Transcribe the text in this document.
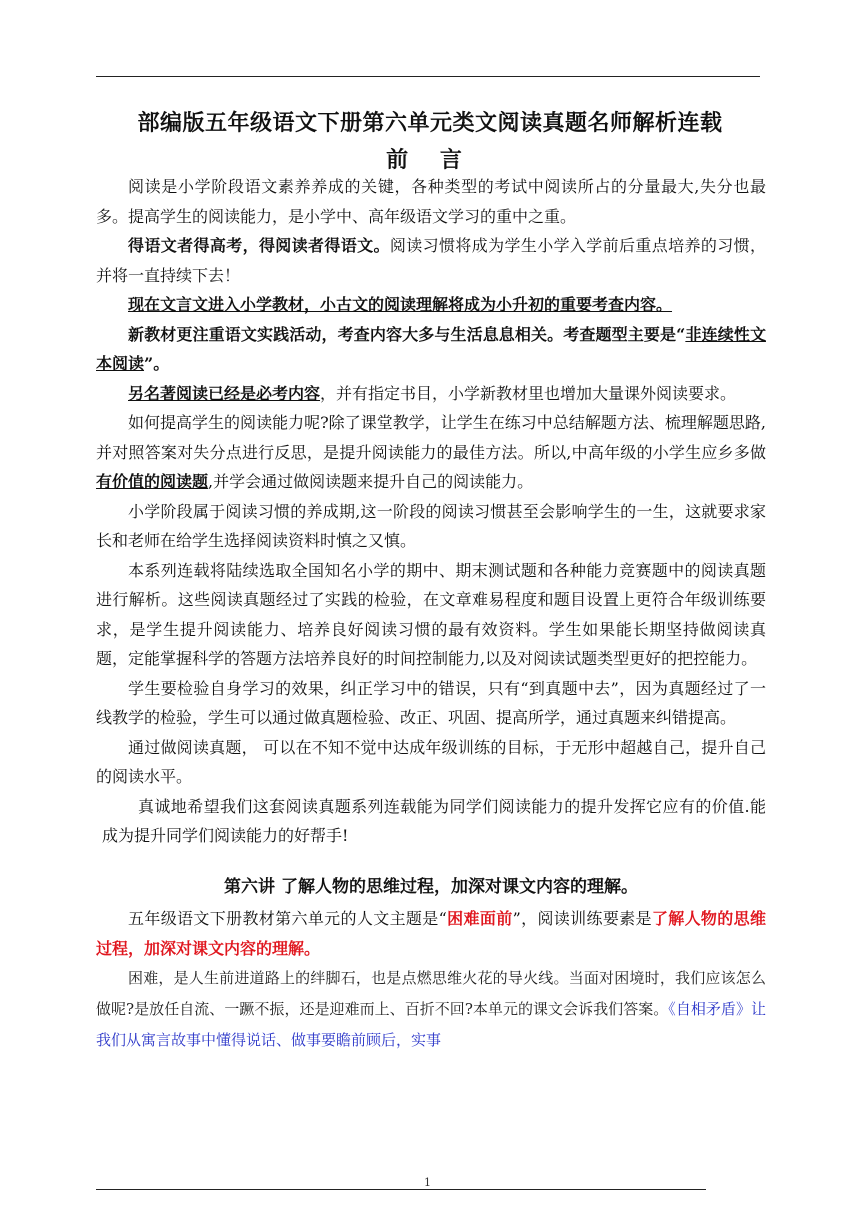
部编版五年级语文下册第六单元类文阅读真题名师解析连载
前 言

阅读是小学阶段语文素养养成的关键，各种类型的考试中阅读所占的分量最大,失分也最多。提高学生的阅读能力，是小学中、高年级语文学习的重中之重。

得语文者得高考，得阅读者得语文。阅读习惯将成为学生小学入学前后重点培养的习惯，并将一直持续下去！

现在文言文进入小学教材，小古文的阅读理解将成为小升初的重要考查内容。

新教材更注重语文实践活动，考查内容大多与生活息息相关。考查题型主要是“非连续性文本阅读”。

另名著阅读已经是必考内容，并有指定书目，小学新教材里也增加大量课外阅读要求。

如何提高学生的阅读能力呢?除了课堂教学，让学生在练习中总结解题方法、梳理解题思路,并对照答案对失分点进行反思，是提升阅读能力的最佳方法。所以,中高年级的小学生应乡多做有价值的阅读题,并学会通过做阅读题来提升自己的阅读能力。

小学阶段属于阅读习惯的养成期,这一阶段的阅读习惯甚至会影响学生的一生，这就要求家长和老师在给学生选择阅读资料时慎之又慎。

本系列连载将陆续选取全国知名小学的期中、期末测试题和各种能力竞赛题中的阅读真题进行解析。这些阅读真题经过了实践的检验，在文章难易程度和题目设置上更符合年级训练要求，是学生提升阅读能力、培养良好阅读习惯的最有效资料。学生如果能长期坚持做阅读真题，定能掌握科学的答题方法培养良好的时间控制能力,以及对阅读试题类型更好的把控能力。

学生要检验自身学习的效果，纠正学习中的错误，只有“到真题中去”，因为真题经过了一线教学的检验，学生可以通过做真题检验、改正、巩固、提高所学，通过真题来纠错提高。

通过做阅读真题， 可以在不知不觉中达成年级训练的目标，于无形中超越自己，提升自己的阅读水平。

真诚地希望我们这套阅读真题系列连载能为同学们阅读能力的提升发挥它应有的价值.能成为提升同学们阅读能力的好帮手!

第六讲 了解人物的思维过程，加深对课文内容的理解。

五年级语文下册教材第六单元的人文主题是“困难面前”，阅读训练要素是了解人物的思维过程，加深对课文内容的理解。

困难，是人生前进道路上的绊脚石，也是点燃思维火花的导火线。当面对困境时，我们应该怎么做呢?是放任自流、一蹶不振，还是迎难而上、百折不回?本单元的课文会诉我们答案。《自相矛盾》让我们从寓言故事中懂得说话、做事要瞻前顾后，实事

1
